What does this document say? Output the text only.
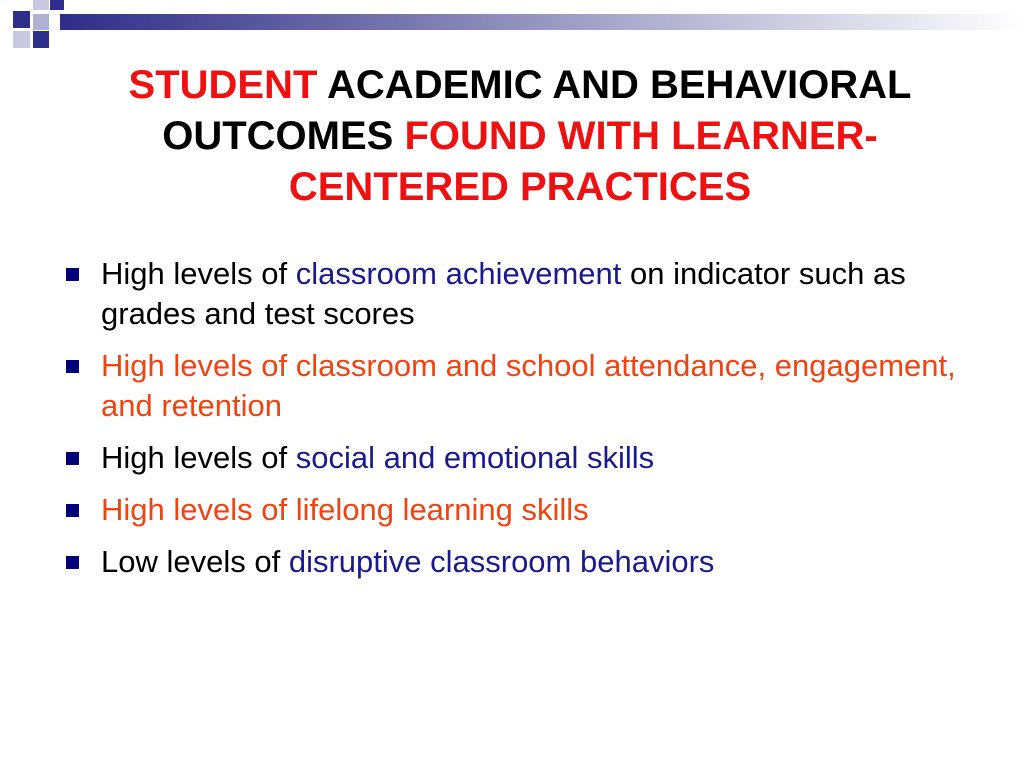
STUDENT ACADEMIC AND BEHAVIORAL
OUTCOMES FOUND WITH LEARNER-
CENTERED PRACTICES
High levels of classroom achievement on indicator such as grades and test scores
High levels of classroom and school attendance, engagement, and retention
High levels of social and emotional skills
High levels of lifelong learning skills
Low levels of disruptive classroom behaviors
